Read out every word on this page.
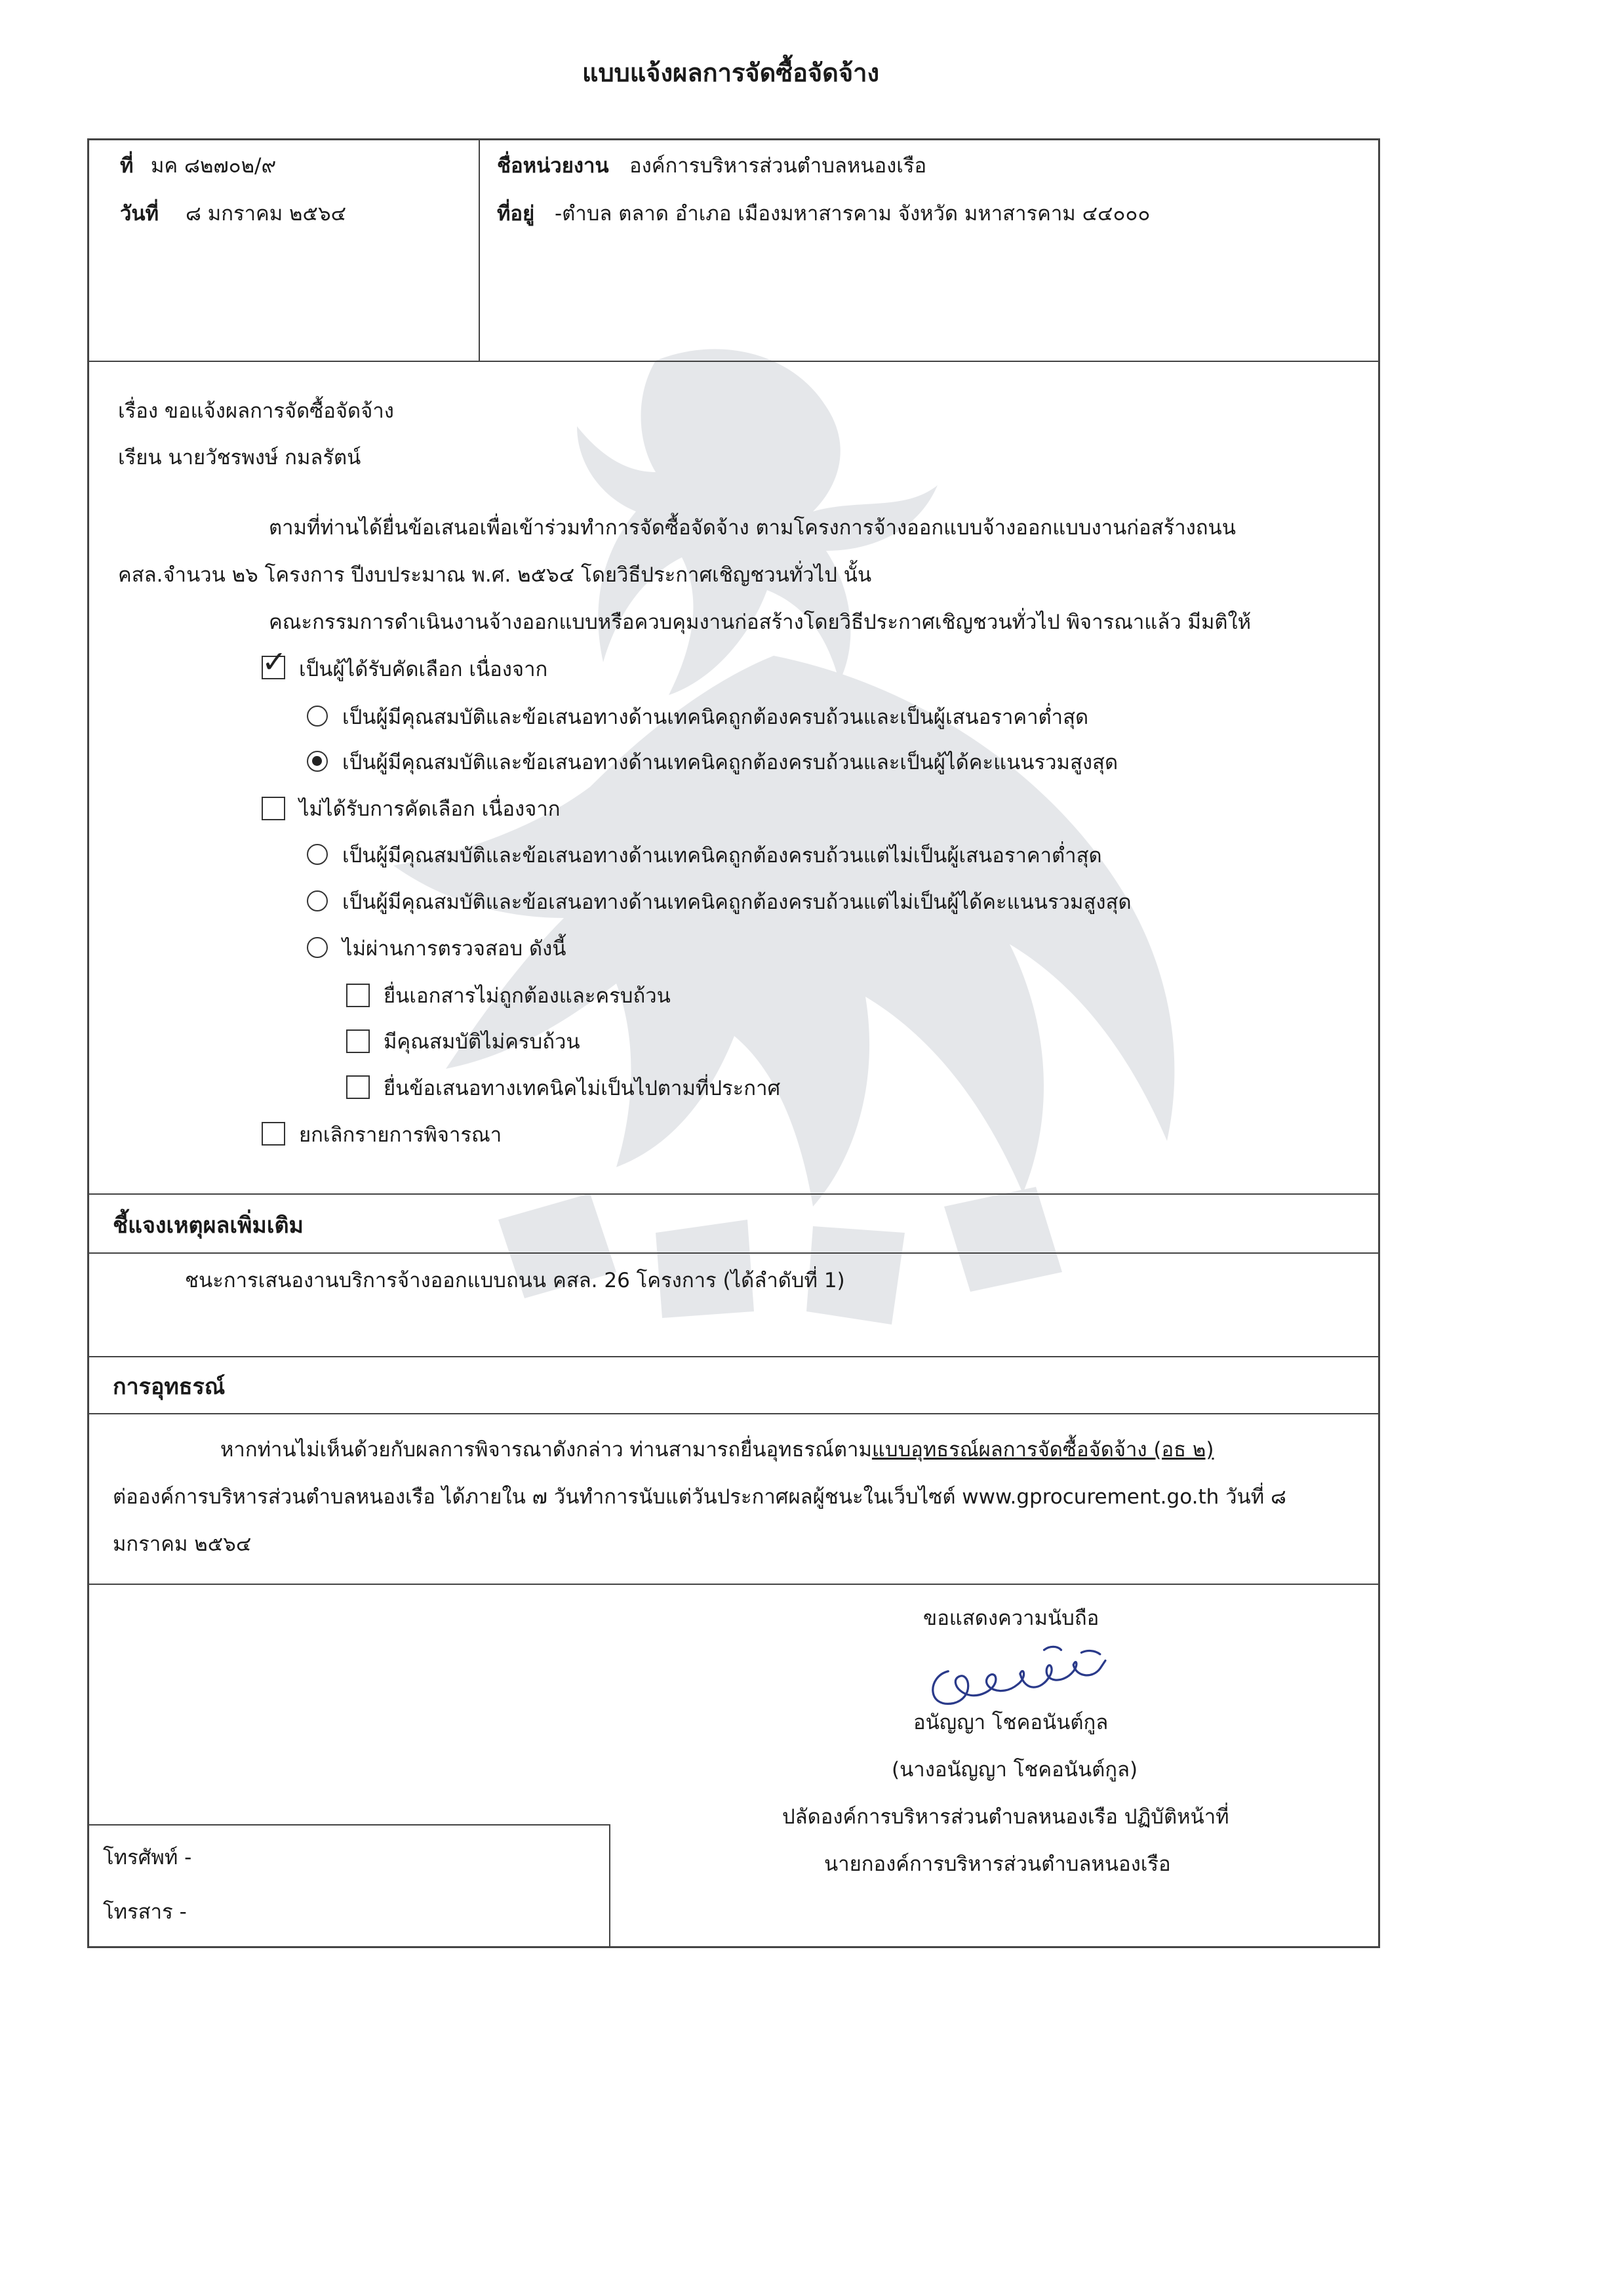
แบบแจ้งผลการจัดซื้อจัดจ้าง
ที่ มค ๘๒๗๐๒/๙
วันที่ ๘ มกราคม ๒๕๖๔
ชื่อหน่วยงาน องค์การบริหารส่วนตำบลหนองเรือ
ที่อยู่ -ตำบล ตลาด อำเภอ เมืองมหาสารคาม จังหวัด มหาสารคาม ๔๔๐๐๐
เรื่อง ขอแจ้งผลการจัดซื้อจัดจ้าง
เรียน นายวัชรพงษ์ กมลรัตน์
ตามที่ท่านได้ยื่นข้อเสนอเพื่อเข้าร่วมทำการจัดซื้อจัดจ้าง ตามโครงการจ้างออกแบบจ้างออกแบบงานก่อสร้างถนน
คสล.จำนวน ๒๖ โครงการ ปีงบประมาณ พ.ศ. ๒๕๖๔ โดยวิธีประกาศเชิญชวนทั่วไป นั้น
คณะกรรมการดำเนินงานจ้างออกแบบหรือควบคุมงานก่อสร้างโดยวิธีประกาศเชิญชวนทั่วไป พิจารณาแล้ว มีมติให้
✓ เป็นผู้ได้รับคัดเลือก เนื่องจาก
เป็นผู้มีคุณสมบัติและข้อเสนอทางด้านเทคนิคถูกต้องครบถ้วนและเป็นผู้เสนอราคาต่ำสุด
เป็นผู้มีคุณสมบัติและข้อเสนอทางด้านเทคนิคถูกต้องครบถ้วนและเป็นผู้ได้คะแนนรวมสูงสุด
ไม่ได้รับการคัดเลือก เนื่องจาก
เป็นผู้มีคุณสมบัติและข้อเสนอทางด้านเทคนิคถูกต้องครบถ้วนแต่ไม่เป็นผู้เสนอราคาต่ำสุด
เป็นผู้มีคุณสมบัติและข้อเสนอทางด้านเทคนิคถูกต้องครบถ้วนแต่ไม่เป็นผู้ได้คะแนนรวมสูงสุด
ไม่ผ่านการตรวจสอบ ดังนี้
ยื่นเอกสารไม่ถูกต้องและครบถ้วน
มีคุณสมบัติไม่ครบถ้วน
ยื่นข้อเสนอทางเทคนิคไม่เป็นไปตามที่ประกาศ
ยกเลิกรายการพิจารณา
ชี้แจงเหตุผลเพิ่มเติม
ชนะการเสนองานบริการจ้างออกแบบถนน คสล. 26 โครงการ (ได้ลำดับที่ 1)
การอุทธรณ์
หากท่านไม่เห็นด้วยกับผลการพิจารณาดังกล่าว ท่านสามารถยื่นอุทธรณ์ตามแบบอุทธรณ์ผลการจัดซื้อจัดจ้าง (อธ ๒)
ต่อองค์การบริหารส่วนตำบลหนองเรือ ได้ภายใน ๗ วันทำการนับแต่วันประกาศผลผู้ชนะในเว็บไซต์ www.gprocurement.go.th วันที่ ๘
มกราคม ๒๕๖๔
ขอแสดงความนับถือ
อนัญญา โชคอนันต์กูล
(นางอนัญญา โชคอนันต์กูล)
ปลัดองค์การบริหารส่วนตำบลหนองเรือ ปฏิบัติหน้าที่
นายกองค์การบริหารส่วนตำบลหนองเรือ
โทรศัพท์ -
โทรสาร -
